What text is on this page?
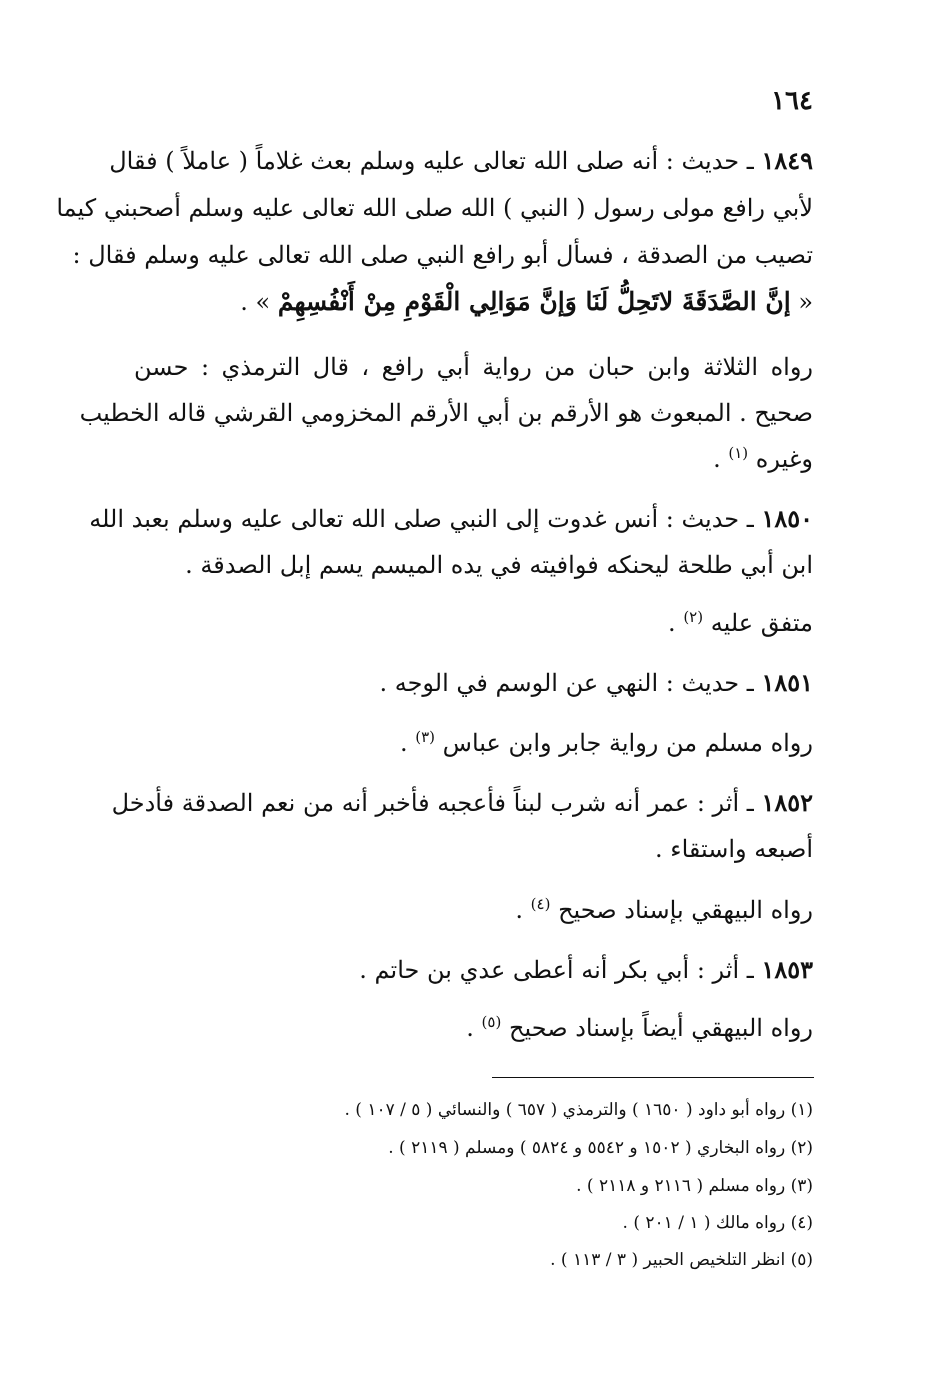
١٦٤
١٨٤٩ ـ حديث : أنه صلى الله تعالى عليه وسلم بعث غلاماً ( عاملاً ) فقال
لأبي رافع مولى رسول ( النبي ) الله صلى الله تعالى عليه وسلم أصحبني كيما
تصيب من الصدقة ، فسأل أبو رافع النبي صلى الله تعالى عليه وسلم فقال :
« إنَّ الصَّدَقَةَ لاتَحِلُّ لَنَا وَإنَّ مَوَالِي الْقَوْمِ مِنْ أَنْفُسِهِمْ » .
رواه الثلاثة وابن حبان من رواية أبي رافع ، قال الترمذي : حسن
صحيح . المبعوث هو الأرقم بن أبي الأرقم المخزومي القرشي قاله الخطيب
وغيره $^{(١)}$ .
١٨٥٠ ـ حديث : أنس غدوت إلى النبي صلى الله تعالى عليه وسلم بعبد الله
ابن أبي طلحة ليحنكه فوافيته في يده الميسم يسم إبل الصدقة .
متفق عليه $^{(٢)}$ .
١٨٥١ ـ حديث : النهي عن الوسم في الوجه .
رواه مسلم من رواية جابر وابن عباس $^{(٣)}$ .
١٨٥٢ ـ أثر : عمر أنه شرب لبناً فأعجبه فأخبر أنه من نعم الصدقة فأدخل
أصبعه واستقاء .
رواه البيهقي بإسناد صحيح $^{(٤)}$ .
١٨٥٣ ـ أثر : أبي بكر أنه أعطى عدي بن حاتم .
رواه البيهقي أيضاً بإسناد صحيح $^{(٥)}$ .
(١) رواه أبو داود ( ١٦٥٠ ) والترمذي ( ٦٥٧ ) والنسائي ( ٥ / ١٠٧ ) .
(٢) رواه البخاري ( ١٥٠٢ و ٥٥٤٢ و ٥٨٢٤ ) ومسلم ( ٢١١٩ ) .
(٣) رواه مسلم ( ٢١١٦ و ٢١١٨ ) .
(٤) رواه مالك ( ١ / ٢٠١ ) .
(٥) انظر التلخيص الحبير ( ٣ / ١١٣ ) .
